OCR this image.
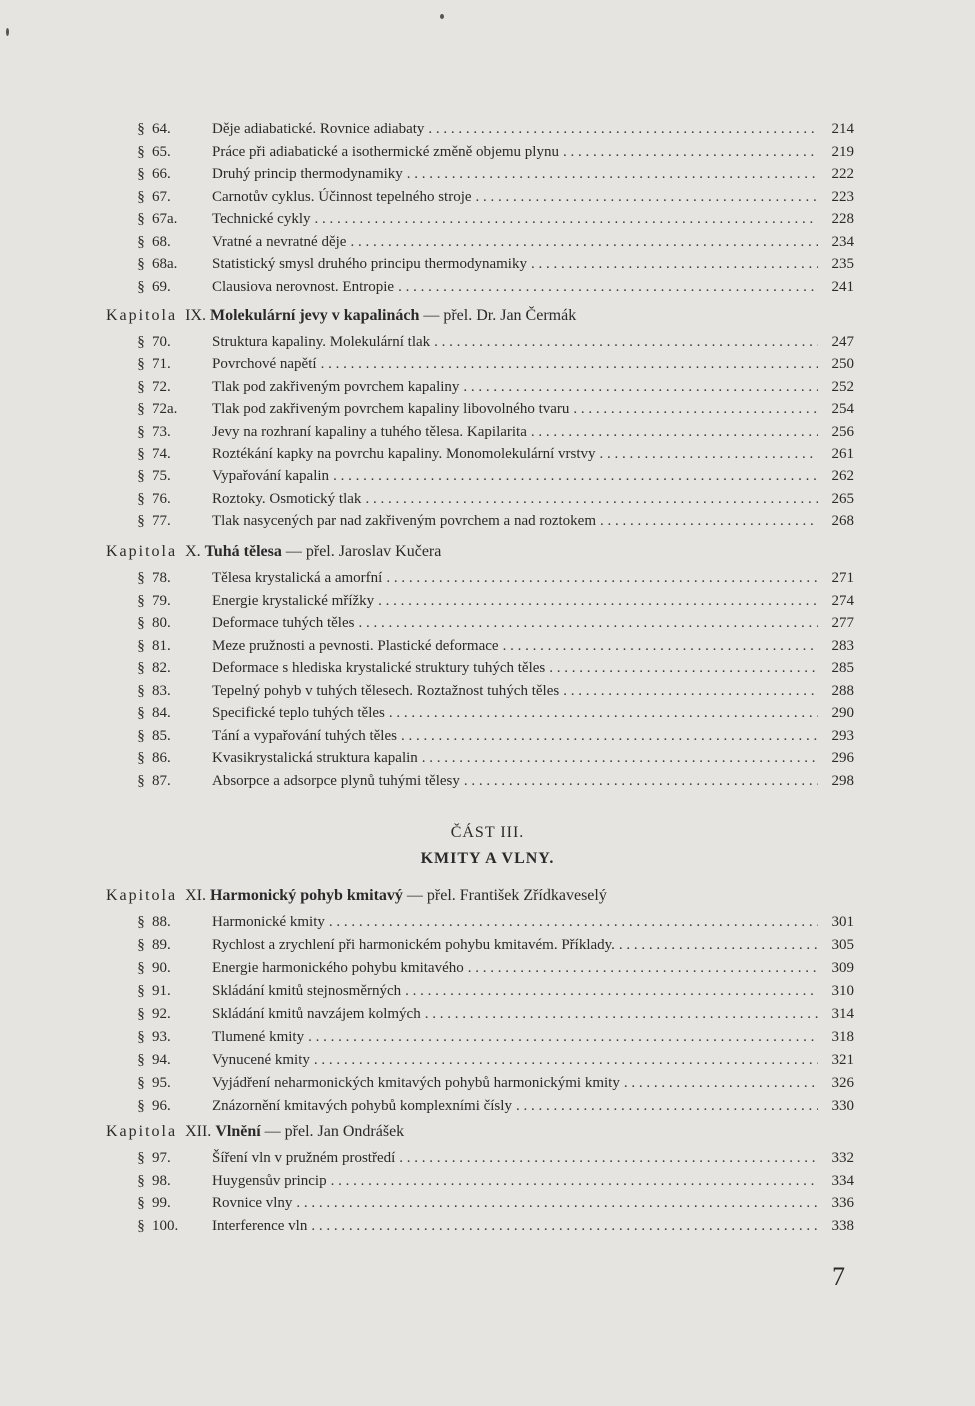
§ 64.	Děje adiabatické. Rovnice adiabaty . . .	214
§ 65.	Práce při adiabatické a isothermické změně objemu plynu . . .	219
§ 66.	Druhý princip thermodynamiky . . .	222
§ 67.	Carnotův cyklus. Účinnost tepelného stroje . . .	223
§ 67a.	Technické cykly . . .	228
§ 68.	Vratné a nevratné děje . . .	234
§ 68a.	Statistický smysl druhého principu thermodynamiky . . .	235
§ 69.	Clausiova nerovnost. Entropie . . .	241
Kapitola IX. Molekulární jevy v kapalinách — přel. Dr. Jan Čermák
§ 70.	Struktura kapaliny. Molekulární tlak . . .	247
§ 71.	Povrchové napětí . . .	250
§ 72.	Tlak pod zakřiveným povrchem kapaliny . . .	252
§ 72a.	Tlak pod zakřiveným povrchem kapaliny libovolného tvaru . . .	254
§ 73.	Jevy na rozhraní kapaliny a tuhého tělesa. Kapilarita . . .	256
§ 74.	Roztékání kapky na povrchu kapaliny. Monomolekulární vrstvy . . .	261
§ 75.	Vypařování kapalin . . .	262
§ 76.	Roztoky. Osmotický tlak . . .	265
§ 77.	Tlak nasycených par nad zakřiveným povrchem a nad roztokem . . .	268
Kapitola X. Tuhá tělesa — přel. Jaroslav Kučera
§ 78.	Tělesa krystalická a amorfní . . .	271
§ 79.	Energie krystalické mřížky . . .	274
§ 80.	Deformace tuhých těles . . .	277
§ 81.	Meze pružnosti a pevnosti. Plastické deformace . . .	283
§ 82.	Deformace s hlediska krystalické struktury tuhých těles . . .	285
§ 83.	Tepelný pohyb v tuhých tělesech. Roztažnost tuhých těles . . .	288
§ 84.	Specifické teplo tuhých těles . . .	290
§ 85.	Tání a vypařování tuhých těles . . .	293
§ 86.	Kvasikrystalická struktura kapalin . . .	296
§ 87.	Absorpce a adsorpce plynů tuhými tělesy . . .	298
ČÁST III.
KMITY A VLNY.
Kapitola XI. Harmonický pohyb kmitavý — přel. František Zřídkaveselý
§ 88.	Harmonické kmity . . .	301
§ 89.	Rychlost a zrychlení při harmonickém pohybu kmitavém. Příklady. . . .	305
§ 90.	Energie harmonického pohybu kmitavého . . .	309
§ 91.	Skládání kmitů stejnosměrných . . .	310
§ 92.	Skládání kmitů navzájem kolmých . . .	314
§ 93.	Tlumené kmity . . .	318
§ 94.	Vynucené kmity . . .	321
§ 95.	Vyjádření neharmonických kmitavých pohybů harmonickými kmity . . .	326
§ 96.	Znázornění kmitavých pohybů komplexními čísly . . .	330
Kapitola XII. Vlnění — přel. Jan Ondrášek
§ 97.	Šíření vln v pružném prostředí . . .	332
§ 98.	Huygensův princip . . .	334
§ 99.	Rovnice vlny . . .	336
§ 100.	Interference vln . . .	338
7
